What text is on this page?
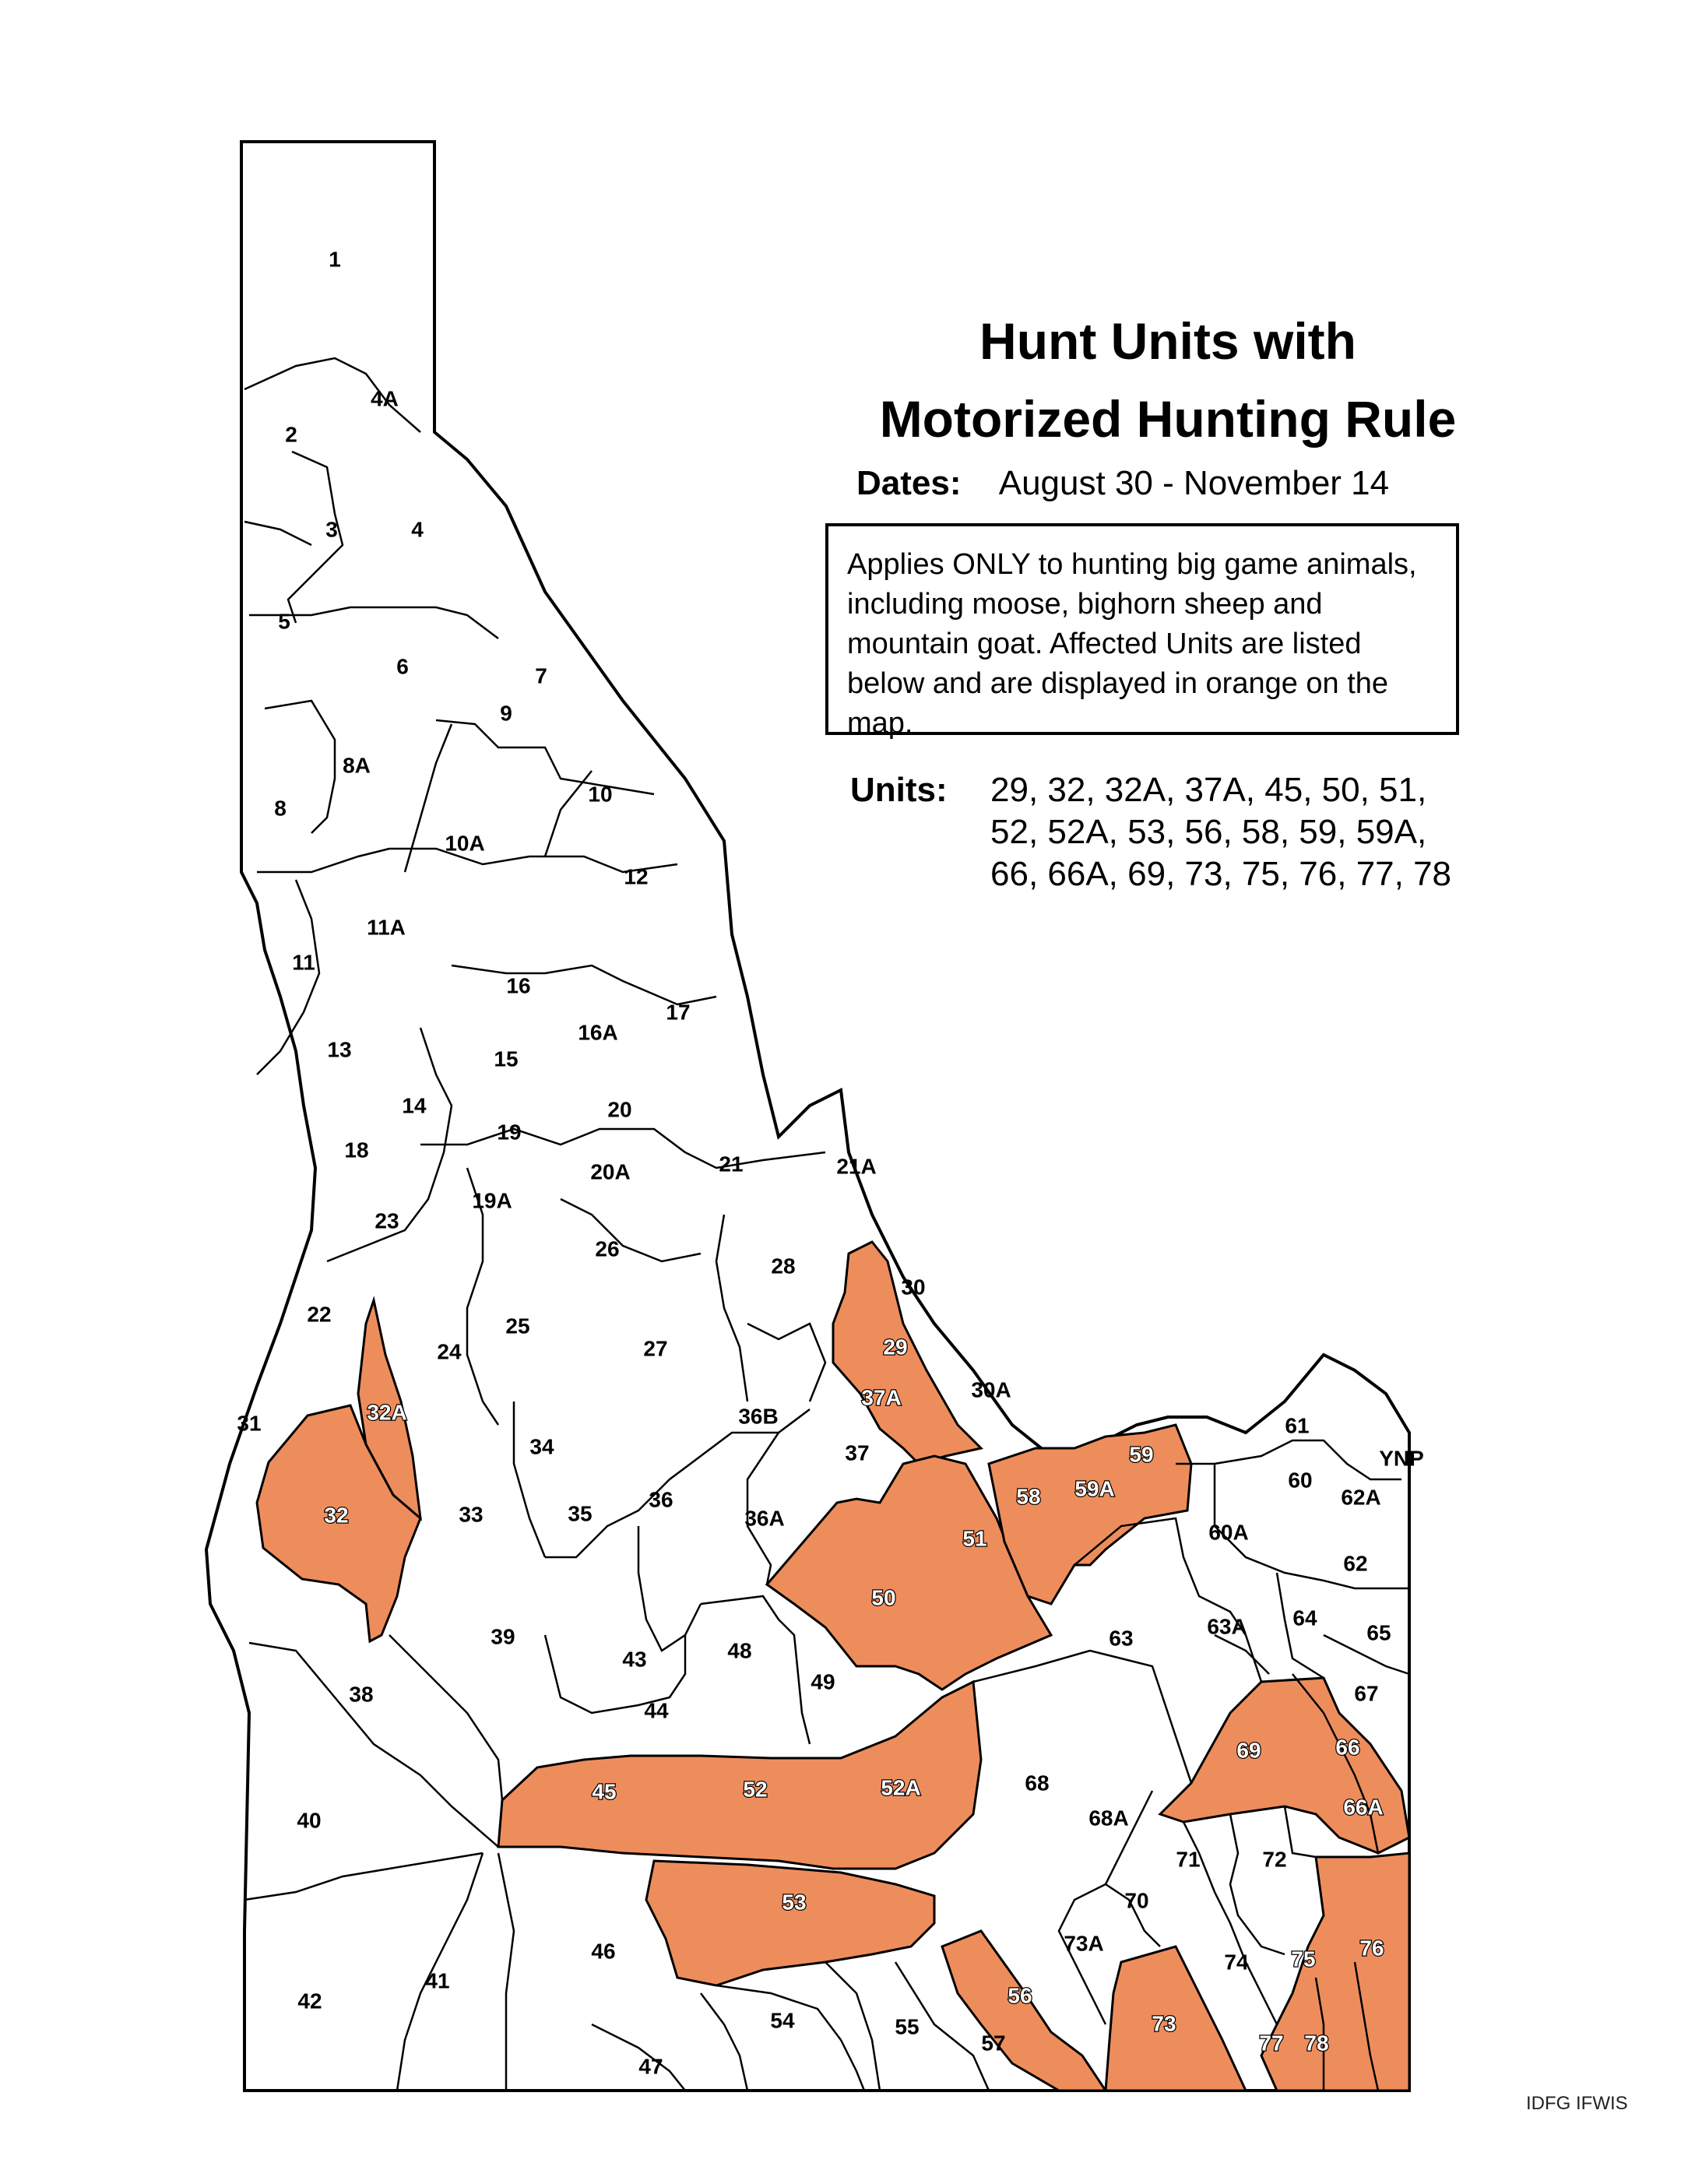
1
2
3	4
4A
5
6	7
8
8A
9
10
10A
11
11A
12
13
14
15
16
16A
17
18
19
19A
20
20A	21	21A
22
23
24
25
26
27
28
29
30
30A
31
32
32A
33
34
35
36
36A
36B
37
37A
38
39
40
41
42
43
44
45
46
47
48
49
50
51
52	52A
53
54	55
56
57
58
59
59A	60
60A
61
62
62A
63	63A 64
65
66
66A
67
68
68A
69
70
71	72
73
73A
74 75 76
77 78
YNP
Hunt Units with
Motorized Hunting Rule
Dates: August 30 - November 14
Applies ONLY to hunting big game animals, including moose, bighorn sheep and mountain goat. Affected Units are listed below and are displayed in orange on the map.
Units: 29, 32, 32A, 37A, 45, 50, 51,
52, 52A, 53, 56, 58, 59, 59A,
66, 66A, 69, 73, 75, 76, 77, 78
IDFG IFWIS
